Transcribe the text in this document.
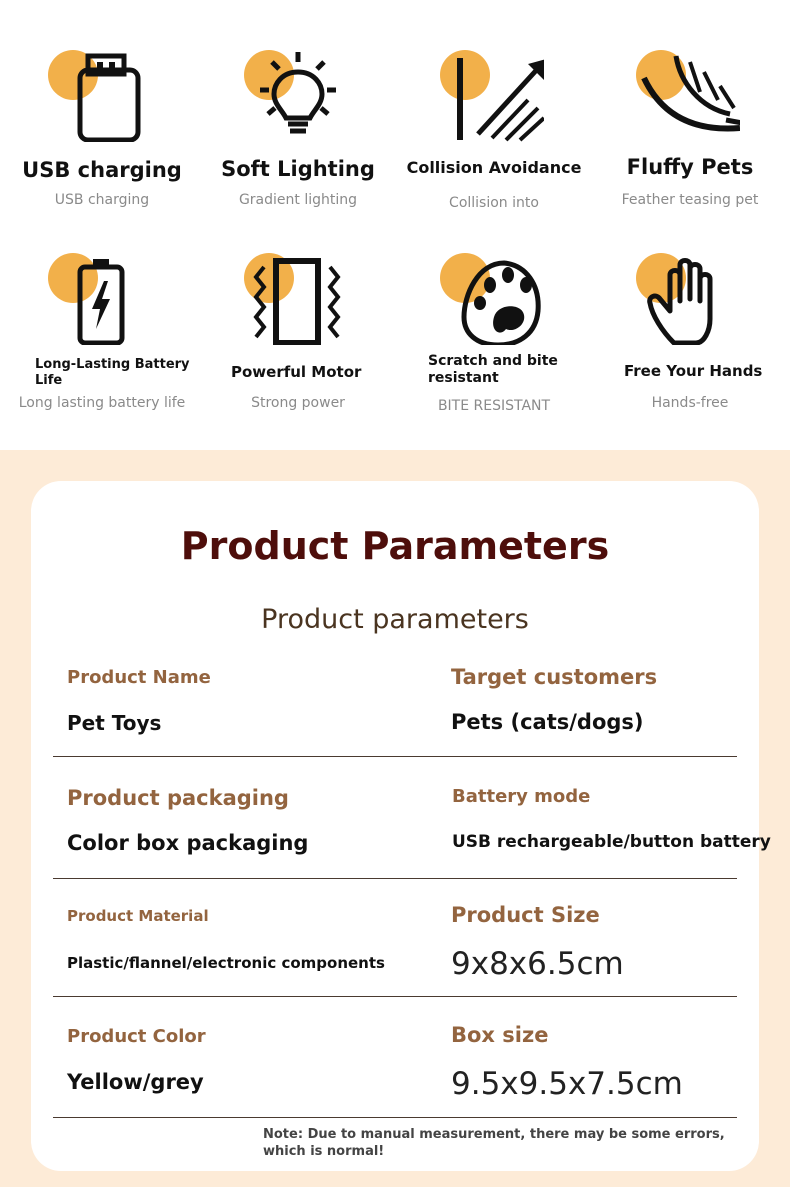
USB charging
USB charging
Soft Lighting
Gradient lighting
Collision Avoidance
Collision into
Fluffy Pets
Feather teasing pet
Long-Lasting Battery Life
Long lasting battery life
Powerful Motor
Strong power
Scratch and bite resistant
BITE RESISTANT
Free Your Hands
Hands-free
Product Parameters
Product parameters
Product Name
Pet Toys
Target customers
Pets (cats/dogs)
Product packaging
Color box packaging
Battery mode
USB rechargeable/button battery
Product Material
Plastic/flannel/electronic components
Product Size
9x8x6.5cm
Product Color
Yellow/grey
Box size
9.5x9.5x7.5cm
Note: Due to manual measurement, there may be some errors, which is normal!
